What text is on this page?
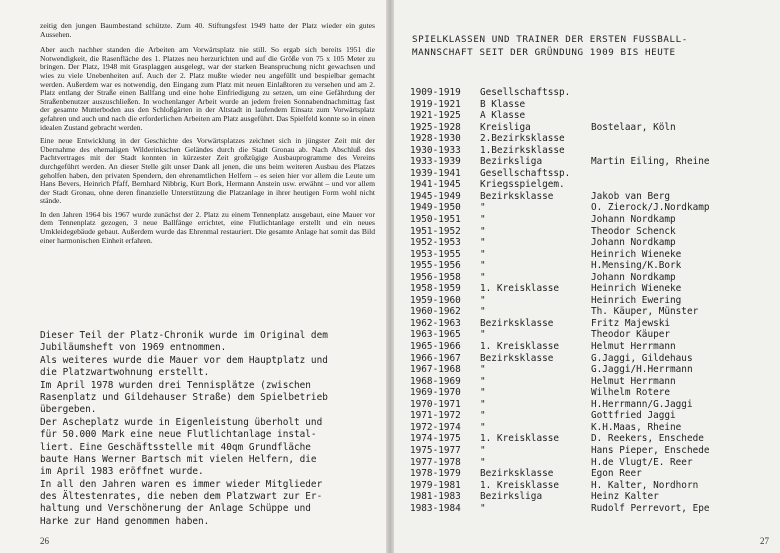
zeitig den jungen Baumbestand schützte. Zum 40. Stiftungsfest 1949 hatte der Platz wieder ein gutes Aussehen.

Aber auch nachher standen die Arbeiten am Vorwärtsplatz nie still. So ergab sich bereits 1951 die Notwendigkeit, die Rasenfläche des 1. Platzes neu herzurichten und auf die Größe von 75 x 105 Meter zu bringen. Der Platz, 1948 mit Grasplaggen ausgelegt, war der starken Beanspruchung nicht gewachsen und wies zu viele Unebenheiten auf. Auch der 2. Platz mußte wieder neu angefüllt und bespielbar gemacht werden. Außerdem war es notwendig, den Eingang zum Platz mit neuen Einlaßtoren zu versehen und am 2. Platz entlang der Straße einen Ballfang und eine hohe Einfriedigung zu setzen, um eine Gefährdung der Straßenbenutzer auszuschließen. In wochenlanger Arbeit wurde an jedem freien Sonnabendnachmittag fast der gesamte Mutterboden aus den Schloßgärten in der Altstadt in laufendem Einsatz zum Vorwärtsplatz gefahren und auch und nach die erforderlichen Arbeiten am Platz ausgeführt. Das Spielfeld konnte so in einen idealen Zustand gebracht werden.

Eine neue Entwicklung in der Geschichte des Vorwärtsplatzes zeichnet sich in jüngster Zeit mit der Übernahme des ehemaligen Wilderinkschen Geländes durch die Stadt Gronau ab. Nach Abschluß des Pachtvertrages mit der Stadt konnten in kürzester Zeit großzügige Ausbauprogramme des Vereins durchgeführt werden. An dieser Stelle gilt unser Dank all jenen, die uns beim weiteren Ausbau des Platzes geholfen haben, den privaten Spendern, den ehrenamtlichen Helfern – es seien hier vor allem die Leute um Hans Bevers, Heinrich Pfaff, Bernhard Nibbrig, Kurt Bork, Hermann Anstein usw. erwähnt – und vor allem der Stadt Gronau, ohne deren finanzielle Unterstützung die Platzanlage in ihrer heutigen Form wohl nicht stände.

In den Jahren 1964 bis 1967 wurde zunächst der 2. Platz zu einem Tennenplatz ausgebaut, eine Mauer vor dem Tennenplatz gezogen, 3 neue Ballfänge errichtet, eine Flutlichtanlage erstellt und ein neues Umkleidegebäude gebaut. Außerdem wurde das Ehrenmal restauriert. Die gesamte Anlage hat somit das Bild einer harmonischen Einheit erfahren.

Dieser Teil der Platz-Chronik wurde im Original dem
Jubiläumsheft von 1969 entnommen.
Als weiteres wurde die Mauer vor dem Hauptplatz und
die Platzwartwohnung erstellt.
Im April 1978 wurden drei Tennisplätze (zwischen
Rasenplatz und Gildehauser Straße) dem Spielbetrieb
übergeben.
Der Ascheplatz wurde in Eigenleistung überholt und
für 50.000 Mark eine neue Flutlichtanlage instal-
liert. Eine Geschäftsstelle mit 40qm Grundfläche
baute Hans Werner Bartsch mit vielen Helfern, die
im April 1983 eröffnet wurde.
In all den Jahren waren es immer wieder Mitglieder
des Ältestenrates, die neben dem Platzwart zur Er-
haltung und Verschönerung der Anlage Schüppe und
Harke zur Hand genommen haben.
26
SPIELKLASSEN UND TRAINER DER ERSTEN FUSSBALL-
MANNSCHAFT SEIT DER GRÜNDUNG 1909 BIS HEUTE
1909-1919 Gesellschaftssp.
1919-1921 B Klasse
1921-1925 A Klasse
1925-1928 Kreisliga	Bostelaar, Köln
1928-1930 2.Bezirksklasse
1930-1933 1.Bezirksklasse
1933-1939 Bezirksliga	Martin Eiling, Rheine
1939-1941 Gesellschaftssp.
1941-1945 Kriegsspielgem.
1945-1949 Bezirksklasse	Jakob van Berg
1949-1950 "	O. Zierock/J.Nordkamp
1950-1951 "	Johann Nordkamp
1951-1952 "	Theodor Schenck
1952-1953 "	Johann Nordkamp
1953-1955 "	Heinrich Wieneke
1955-1956 "	H.Mensing/K.Bork
1956-1958 "	Johann Nordkamp
1958-1959 1. Kreisklasse	Heinrich Wieneke
1959-1960 "	Heinrich Ewering
1960-1962 "	Th. Käuper, Münster
1962-1963 Bezirksklasse	Fritz Majewski
1963-1965 "	Theodor Käuper
1965-1966 1. Kreisklasse	Helmut Herrmann
1966-1967 Bezirksklasse	G.Jaggi, Gildehaus
1967-1968 "	G.Jaggi/H.Herrmann
1968-1969 "	Helmut Herrmann
1969-1970 "	Wilhelm Rotere
1970-1971 "	H.Herrmann/G.Jaggi
1971-1972 "	Gottfried Jaggi
1972-1974 "	K.H.Maas, Rheine
1974-1975 1. Kreisklasse	D. Reekers, Enschede
1975-1977 "	Hans Pieper, Enschede
1977-1978 "	H.de Vlugt/E. Reer
1978-1979 Bezirksklasse	Egon Reer
1979-1981 1. Kreisklasse	H. Kalter, Nordhorn
1981-1983 Bezirksliga	Heinz Kalter
1983-1984 "	Rudolf Perrevort, Epe
27
